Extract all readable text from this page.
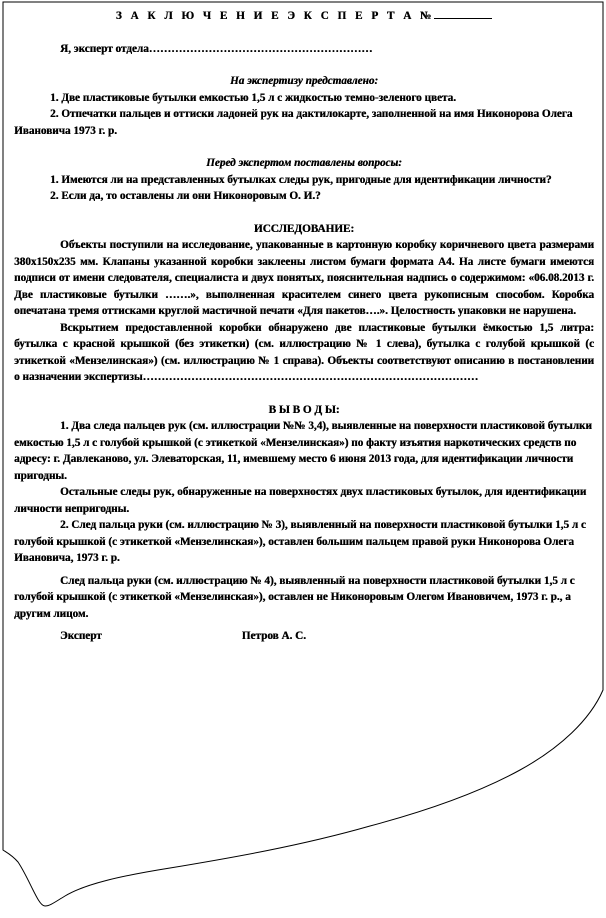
З А К Л Ю Ч Е Н И Е Э К С П Е Р Т А №

Я, эксперт отдела……………………………………………………

На экспертизу представлено:

1. Две пластиковые бутылки емкостью 1,5 л с жидкостью темно-зеленого цвета.

2. Отпечатки пальцев и оттиски ладоней рук на дактилокарте, заполненной на имя Никонорова Олега Ивановича 1973 г. р.

Перед экспертом поставлены вопросы:

1. Имеются ли на представленных бутылках следы рук, пригодные для идентификации личности?

2. Если да, то оставлены ли они Никоноровым О. И.?

ИССЛЕДОВАНИЕ:

Объекты поступили на исследование, упакованные в картонную коробку коричневого цвета размерами 380х150х235 мм. Клапаны указанной коробки заклеены листом бумаги формата А4. На листе бумаги имеются подписи от имени следователя, специалиста и двух понятых, пояснительная надпись о содержимом: «06.08.2013 г. Две пластиковые бутылки …….», выполненная красителем синего цвета рукописным способом. Коробка опечатана тремя оттисками круглой мастичной печати «Для пакетов….». Целостность упаковки не нарушена.

Вскрытием предоставленной коробки обнаружено две пластиковые бутылки ёмкостью 1,5 литра: бутылка с красной крышкой (без этикетки) (см. иллюстрацию № 1 слева), бутылка с голубой крышкой (с этикеткой «Мензелинская») (см. иллюстрацию № 1 справа). Объекты соответствуют описанию в постановлении о назначении экспертизы………………………………………………………………………………

В Ы В О Д Ы:

1. Два следа пальцев рук (см. иллюстрации №№ 3,4), выявленные на поверхности пластиковой бутылки емкостью 1,5 л с голубой крышкой (с этикеткой «Мензелинская») по факту изъятия наркотических средств по адресу: г. Давлеканово, ул. Элеваторская, 11, имевшему место 6 июня 2013 года, для идентификации личности пригодны.

Остальные следы рук, обнаруженные на поверхностях двух пластиковых бутылок, для идентификации личности непригодны.

2. След пальца руки (см. иллюстрацию № 3), выявленный на поверхности пластиковой бутылки 1,5 л с голубой крышкой (с этикеткой «Мензелинская»), оставлен большим пальцем правой руки Никонорова Олега Ивановича, 1973 г. р.

След пальца руки (см. иллюстрацию № 4), выявленный на поверхности пластиковой бутылки 1,5 л с голубой крышкой (с этикеткой «Мензелинская»), оставлен не Никоноровым Олегом Ивановичем, 1973 г. р., а другим лицом.

Эксперт	Петров А. С.
